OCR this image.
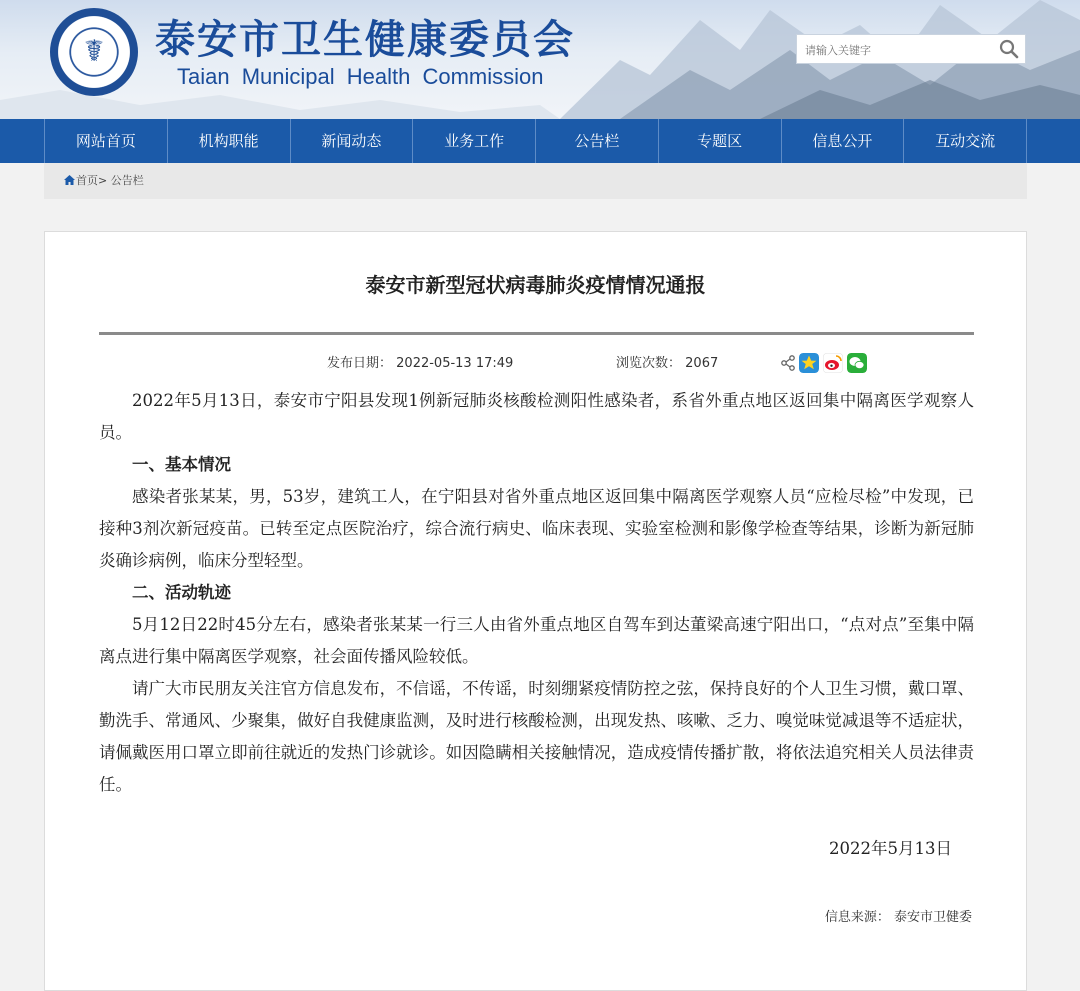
☤ 泰安市卫生健康委员会
Taian Municipal Health Commission
请输入关键字
网站首页	机构职能	新闻动态	业务工作	公告栏	专题区	信息公开	互动交流
首页> 公告栏
泰安市新型冠状病毒肺炎疫情情况通报
发布日期： 2022-05-13 17:49	浏览次数： 2067

2022年5月13日，泰安市宁阳县发现1例新冠肺炎核酸检测阳性感染者，系省外重点地区返回集中隔离医学观察人员。

一、基本情况

感染者张某某，男，53岁，建筑工人，在宁阳县对省外重点地区返回集中隔离医学观察人员“应检尽检”中发现，已接种3剂次新冠疫苗。已转至定点医院治疗，综合流行病史、临床表现、实验室检测和影像学检查等结果，诊断为新冠肺炎确诊病例，临床分型轻型。

二、活动轨迹

5月12日22时45分左右，感染者张某某一行三人由省外重点地区自驾车到达董梁高速宁阳出口，“点对点”至集中隔离点进行集中隔离医学观察，社会面传播风险较低。

请广大市民朋友关注官方信息发布，不信谣，不传谣，时刻绷紧疫情防控之弦，保持良好的个人卫生习惯，戴口罩、勤洗手、常通风、少聚集，做好自我健康监测，及时进行核酸检测，出现发热、咳嗽、乏力、嗅觉味觉减退等不适症状，请佩戴医用口罩立即前往就近的发热门诊就诊。如因隐瞒相关接触情况，造成疫情传播扩散，将依法追究相关人员法律责任。

2022年5月13日
信息来源： 泰安市卫健委
